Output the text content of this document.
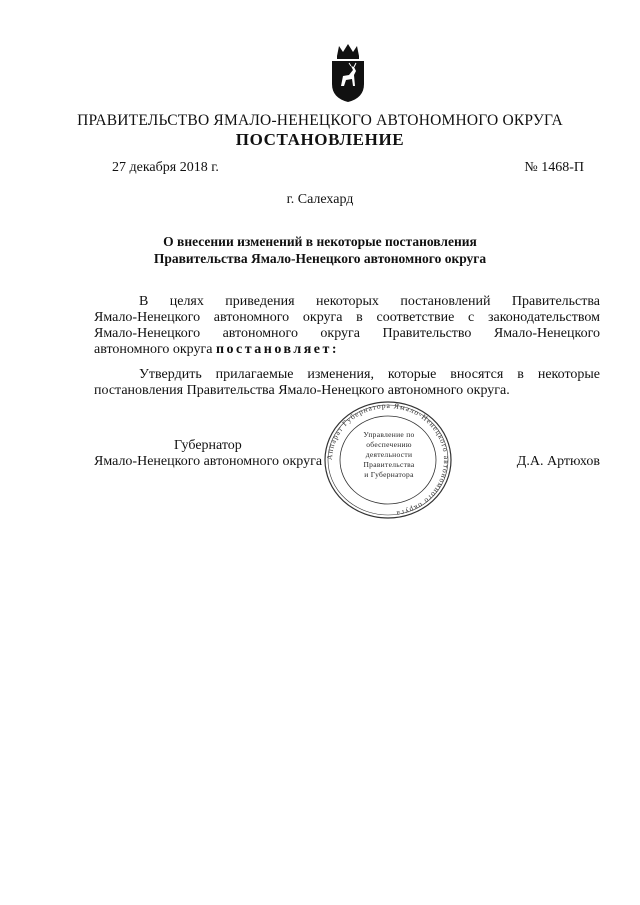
ПРАВИТЕЛЬСТВО ЯМАЛО-НЕНЕЦКОГО АВТОНОМНОГО ОКРУГА
ПОСТАНОВЛЕНИЕ
27 декабря 2018 г.	№ 1468-П
г. Салехард
О внесении изменений в некоторые постановления
Правительства Ямало-Ненецкого автономного округа
В целях приведения некоторых постановлений Правительства
Ямало-Ненецкого автономного округа в соответствие с законодательством
Ямало-Ненецкого автономного округа Правительство Ямало-Ненецкого
автономного округа постановляет:
Утвердить прилагаемые изменения, которые вносятся в некоторые
постановления Правительства Ямало-Ненецкого автономного округа.
Губернатор
Ямало-Ненецкого автономного округа	Д.А. Артюхов
Аппарат Губернатора Ямало-Ненецкого автономного округа
Управление по
обеспечению
деятельности
Правительства
и Губернатора
